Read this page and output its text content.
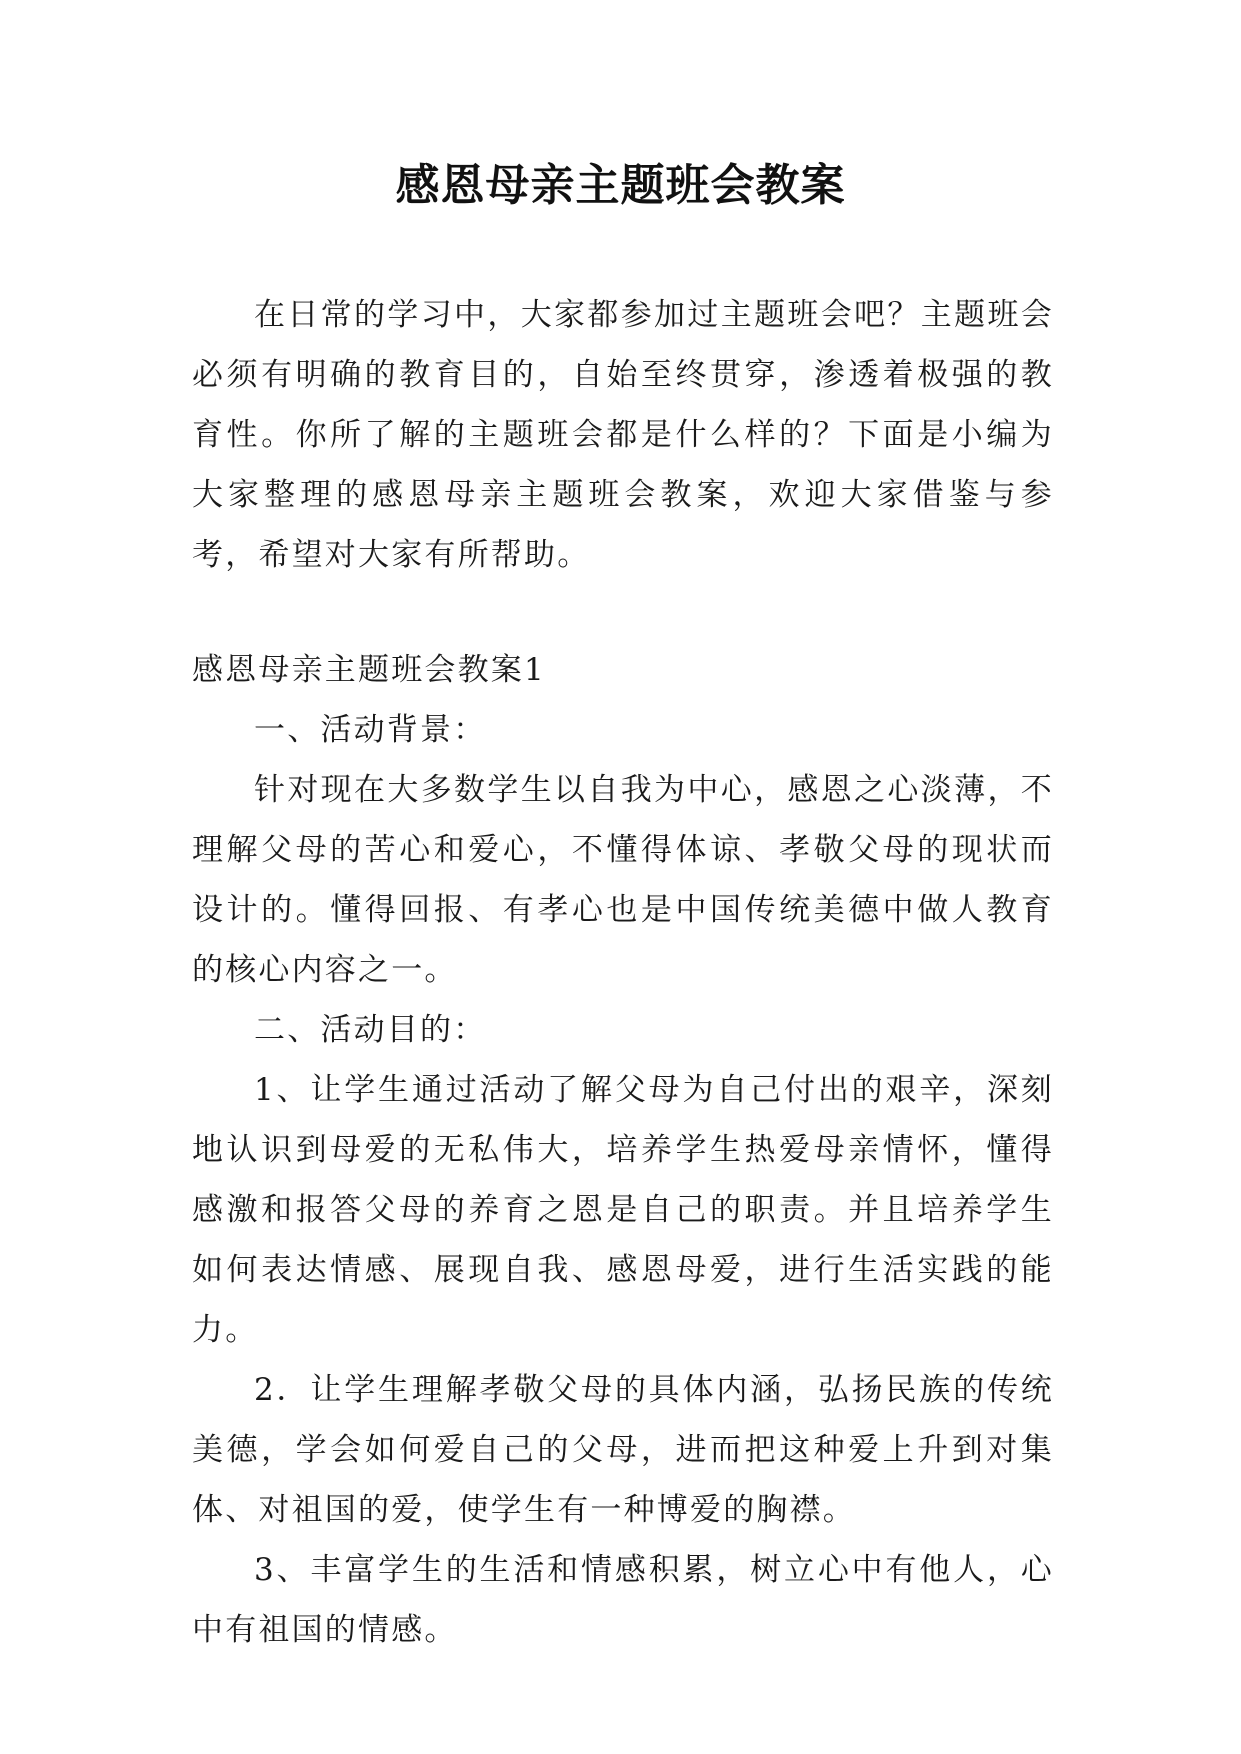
感恩母亲主题班会教案

在日常的学习中，大家都参加过主题班会吧？主题班会必须有明确的教育目的，自始至终贯穿，渗透着极强的教育性。你所了解的主题班会都是什么样的？下面是小编为大家整理的感恩母亲主题班会教案，欢迎大家借鉴与参考，希望对大家有所帮助。

感恩母亲主题班会教案1

一、活动背景：

针对现在大多数学生以自我为中心，感恩之心淡薄，不理解父母的苦心和爱心，不懂得体谅、孝敬父母的现状而设计的。懂得回报、有孝心也是中国传统美德中做人教育的核心内容之一。

二、活动目的：

1、让学生通过活动了解父母为自己付出的艰辛，深刻地认识到母爱的无私伟大，培养学生热爱母亲情怀，懂得感激和报答父母的养育之恩是自己的职责。并且培养学生如何表达情感、展现自我、感恩母爱，进行生活实践的能力。

2．让学生理解孝敬父母的具体内涵，弘扬民族的传统美德，学会如何爱自己的父母，进而把这种爱上升到对集体、对祖国的爱，使学生有一种博爱的胸襟。

3、丰富学生的生活和情感积累，树立心中有他人，心中有祖国的情感。
